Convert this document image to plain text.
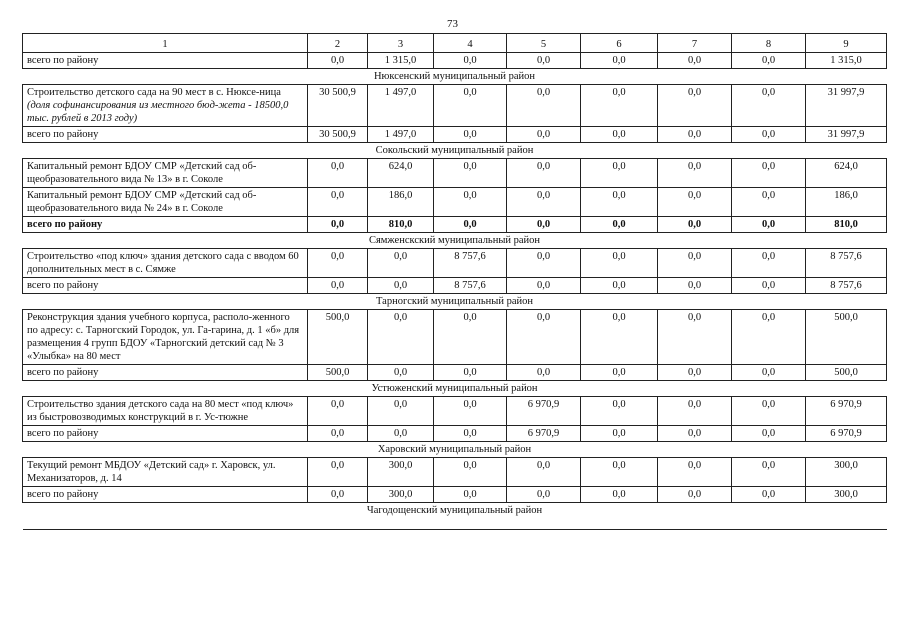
73
1	2	3	4	5	6	7	8	9
всего по району	0,0	1 315,0	0,0	0,0	0,0	0,0	0,0	1 315,0
Нюксенский муниципальный район								
Строительство детского сада на 90 мест в с. Нюксе-ница (доля софинансирования из местного бюд-жета - 18500,0 тыс. рублей в 2013 году)	30 500,9	1 497,0	0,0	0,0	0,0	0,0	0,0	31 997,9
всего по району	30 500,9	1 497,0	0,0	0,0	0,0	0,0	0,0	31 997,9
Сокольский муниципальный район								
Капитальный ремонт БДОУ СМР «Детский сад об-щеобразовательного вида № 13» в г. Соколе	0,0	624,0	0,0	0,0	0,0	0,0	0,0	624,0
Капитальный ремонт БДОУ СМР «Детский сад об-щеобразовательного вида № 24» в г. Соколе	0,0	186,0	0,0	0,0	0,0	0,0	0,0	186,0
всего по району	0,0	810,0	0,0	0,0	0,0	0,0	0,0	810,0
Сямженскский муниципальный район								
Строительство «под ключ» здания детского сада с вводом 60 дополнительных мест в с. Сямже	0,0	0,0	8 757,6	0,0	0,0	0,0	0,0	8 757,6
всего по району	0,0	0,0	8 757,6	0,0	0,0	0,0	0,0	8 757,6
Тарногский муниципальный район								
Реконструкция здания учебного корпуса, располо-женного по адресу: с. Тарногский Городок, ул. Га-гарина, д. 1 «б» для размещения 4 групп БДОУ «Тарногский детский сад № 3 «Улыбка» на 80 мест	500,0	0,0	0,0	0,0	0,0	0,0	0,0	500,0
всего по району	500,0	0,0	0,0	0,0	0,0	0,0	0,0	500,0
Устюженский муниципальный район								
Строительство здания детского сада на 80 мест «под ключ» из быстровозводимых конструкций в г. Ус-тюжне	0,0	0,0	0,0	6 970,9	0,0	0,0	0,0	6 970,9
всего по району	0,0	0,0	0,0	6 970,9	0,0	0,0	0,0	6 970,9
Харовский муниципальный район								
Текущий ремонт МБДОУ «Детский сад» г. Харовск, ул. Механизаторов, д. 14	0,0	300,0	0,0	0,0	0,0	0,0	0,0	300,0
всего по району	0,0	300,0	0,0	0,0	0,0	0,0	0,0	300,0
Чагодощенский муниципальный район								
